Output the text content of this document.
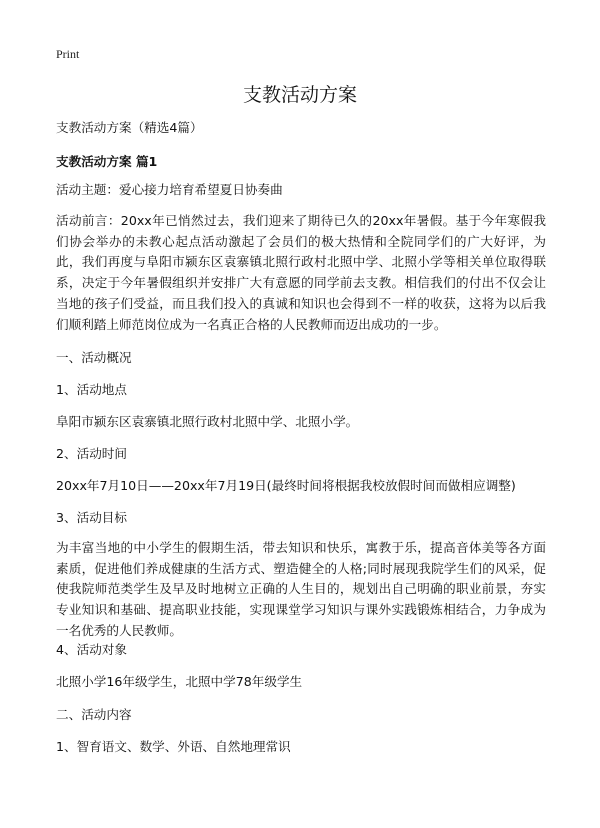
Print
支教活动方案
支教活动方案（精选4篇）
支教活动方案 篇1
活动主题：爱心接力培育希望夏日协奏曲
活动前言：20xx年已悄然过去，我们迎来了期待已久的20xx年暑假。基于今年寒假我们协会举办的未教心起点活动激起了会员们的极大热情和全院同学们的广大好评，为此，我们再度与阜阳市颍东区袁寨镇北照行政村北照中学、北照小学等相关单位取得联系，决定于今年暑假组织并安排广大有意愿的同学前去支教。相信我们的付出不仅会让当地的孩子们受益，而且我们投入的真诚和知识也会得到不一样的收获，这将为以后我们顺利踏上师范岗位成为一名真正合格的人民教师而迈出成功的一步。
一、活动概况
1、活动地点
阜阳市颍东区袁寨镇北照行政村北照中学、北照小学。
2、活动时间
20xx年7月10日——20xx年7月19日(最终时间将根据我校放假时间而做相应调整)
3、活动目标
为丰富当地的中小学生的假期生活，带去知识和快乐，寓教于乐，提高音体美等各方面素质，促进他们养成健康的生活方式、塑造健全的人格;同时展现我院学生们的风采，促使我院师范类学生及早及时地树立正确的人生目的，规划出自己明确的职业前景，夯实专业知识和基础、提高职业技能，实现课堂学习知识与课外实践锻炼相结合，力争成为一名优秀的人民教师。
4、活动对象
北照小学16年级学生，北照中学78年级学生
二、活动内容
1、智育语文、数学、外语、自然地理常识
